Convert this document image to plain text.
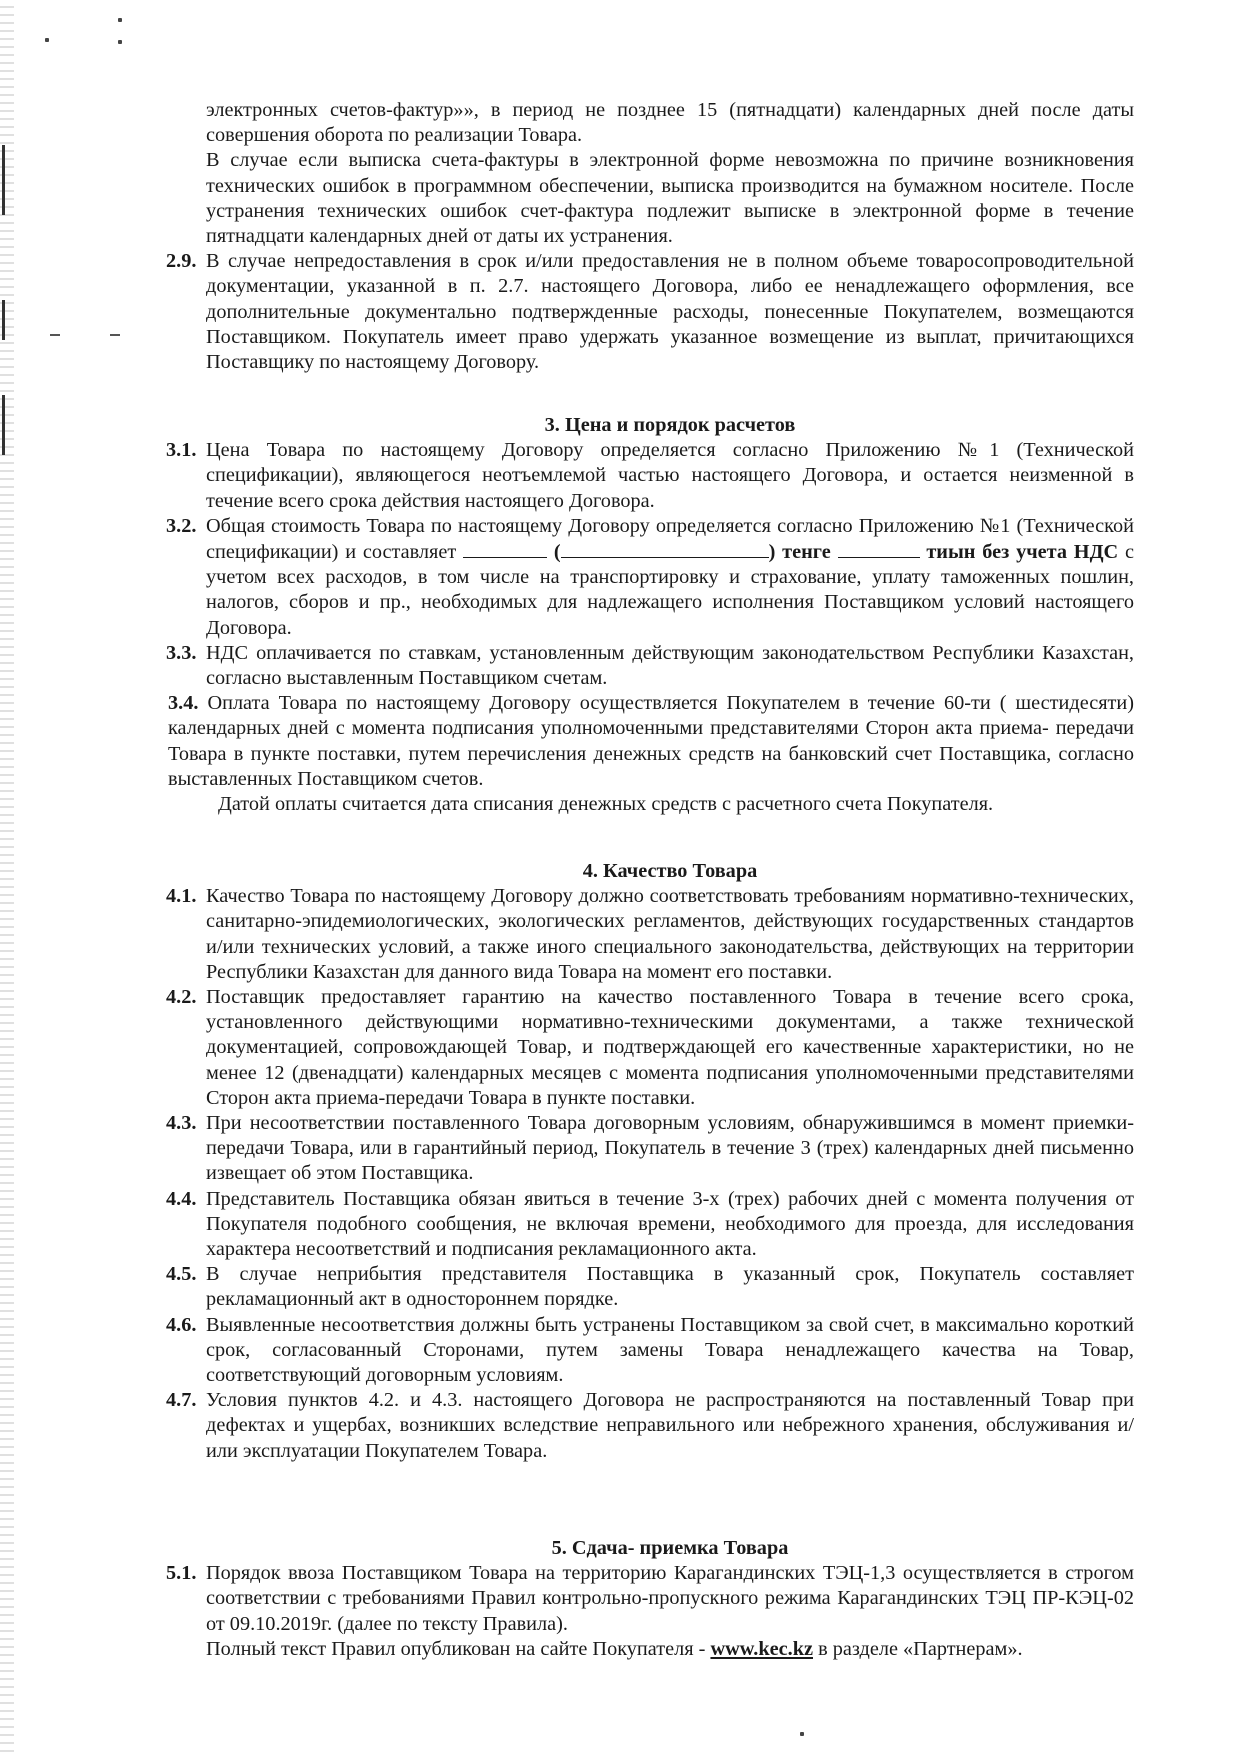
электронных счетов-фактур»», в период не позднее 15 (пятнадцати) календарных дней после даты совершения оборота по реализации Товара.

В случае если выписка счета-фактуры в электронной форме невозможна по причине возникновения технических ошибок в программном обеспечении, выписка производится на бумажном носителе. После устранения технических ошибок счет-фактура подлежит выписке в электронной форме в течение пятнадцати календарных дней от даты их устранения.

2.9. В случае непредоставления в срок и/или предоставления не в полном объеме товаросопроводительной документации, указанной в п. 2.7. настоящего Договора, либо ее ненадлежащего оформления, все дополнительные документально подтвержденные расходы, понесенные Покупателем, возмещаются Поставщиком. Покупатель имеет право удержать указанное возмещение из выплат, причитающихся Поставщику по настоящему Договору.

3. Цена и порядок расчетов

3.1. Цена Товара по настоящему Договору определяется согласно Приложению №1 (Технической спецификации), являющегося неотъемлемой частью настоящего Договора, и остается неизменной в течение всего срока действия настоящего Договора.
3.2. Общая стоимость Товара по настоящему Договору определяется согласно Приложению №1 (Технической спецификации) и составляет	(	) тенге	тиын без учета НДС с учетом всех расходов, в том числе на транспортировку и страхование, уплату таможенных пошлин, налогов, сборов и пр., необходимых для надлежащего исполнения Поставщиком условий настоящего Договора.
3.3. НДС оплачивается по ставкам, установленным действующим законодательством Республики Казахстан, согласно выставленным Поставщиком счетам.
3.4. Оплата Товара по настоящему Договору осуществляется Покупателем в течение 60-ти ( шестидесяти) календарных дней с момента подписания уполномоченными представителями Сторон акта приема- передачи Товара в пункте поставки, путем перечисления денежных средств на банковский счет Поставщика, согласно выставленных Поставщиком счетов.

Датой оплаты считается дата списания денежных средств с расчетного счета Покупателя.

4. Качество Товара

4.1. Качество Товара по настоящему Договору должно соответствовать требованиям нормативно-технических, санитарно-эпидемиологических, экологических регламентов, действующих государственных стандартов и/или технических условий, а также иного специального законодательства, действующих на территории Республики Казахстан для данного вида Товара на момент его поставки.
4.2. Поставщик предоставляет гарантию на качество поставленного Товара в течение всего срока, установленного действующими нормативно-техническими документами, а также технической документацией, сопровождающей Товар, и подтверждающей его качественные характеристики, но не менее 12 (двенадцати) календарных месяцев с момента подписания уполномоченными представителями Сторон акта приема-передачи Товара в пункте поставки.
4.3. При несоответствии поставленного Товара договорным условиям, обнаружившимся в момент приемки-передачи Товара, или в гарантийный период, Покупатель в течение 3 (трех) календарных дней письменно извещает об этом Поставщика.
4.4. Представитель Поставщика обязан явиться в течение 3-х (трех) рабочих дней с момента получения от Покупателя подобного сообщения, не включая времени, необходимого для проезда, для исследования характера несоответствий и подписания рекламационного акта.
4.5. В случае неприбытия представителя Поставщика в указанный срок, Покупатель составляет рекламационный акт в одностороннем порядке.
4.6. Выявленные несоответствия должны быть устранены Поставщиком за свой счет, в максимально короткий срок, согласованный Сторонами, путем замены Товара ненадлежащего качества на Товар, соответствующий договорным условиям.
4.7. Условия пунктов 4.2. и 4.3. настоящего Договора не распространяются на поставленный Товар при дефектах и ущербах, возникших вследствие неправильного или небрежного хранения, обслуживания и/или эксплуатации Покупателем Товара.

5. Сдача- приемка Товара

5.1. Порядок ввоза Поставщиком Товара на территорию Карагандинских ТЭЦ-1,3 осуществляется в строгом соответствии с требованиями Правил контрольно-пропускного режима Карагандинских ТЭЦ ПР-КЭЦ-02 от 09.10.2019г. (далее по тексту Правила).

Полный текст Правил опубликован на сайте Покупателя - www.kec.kz в разделе «Партнерам».
